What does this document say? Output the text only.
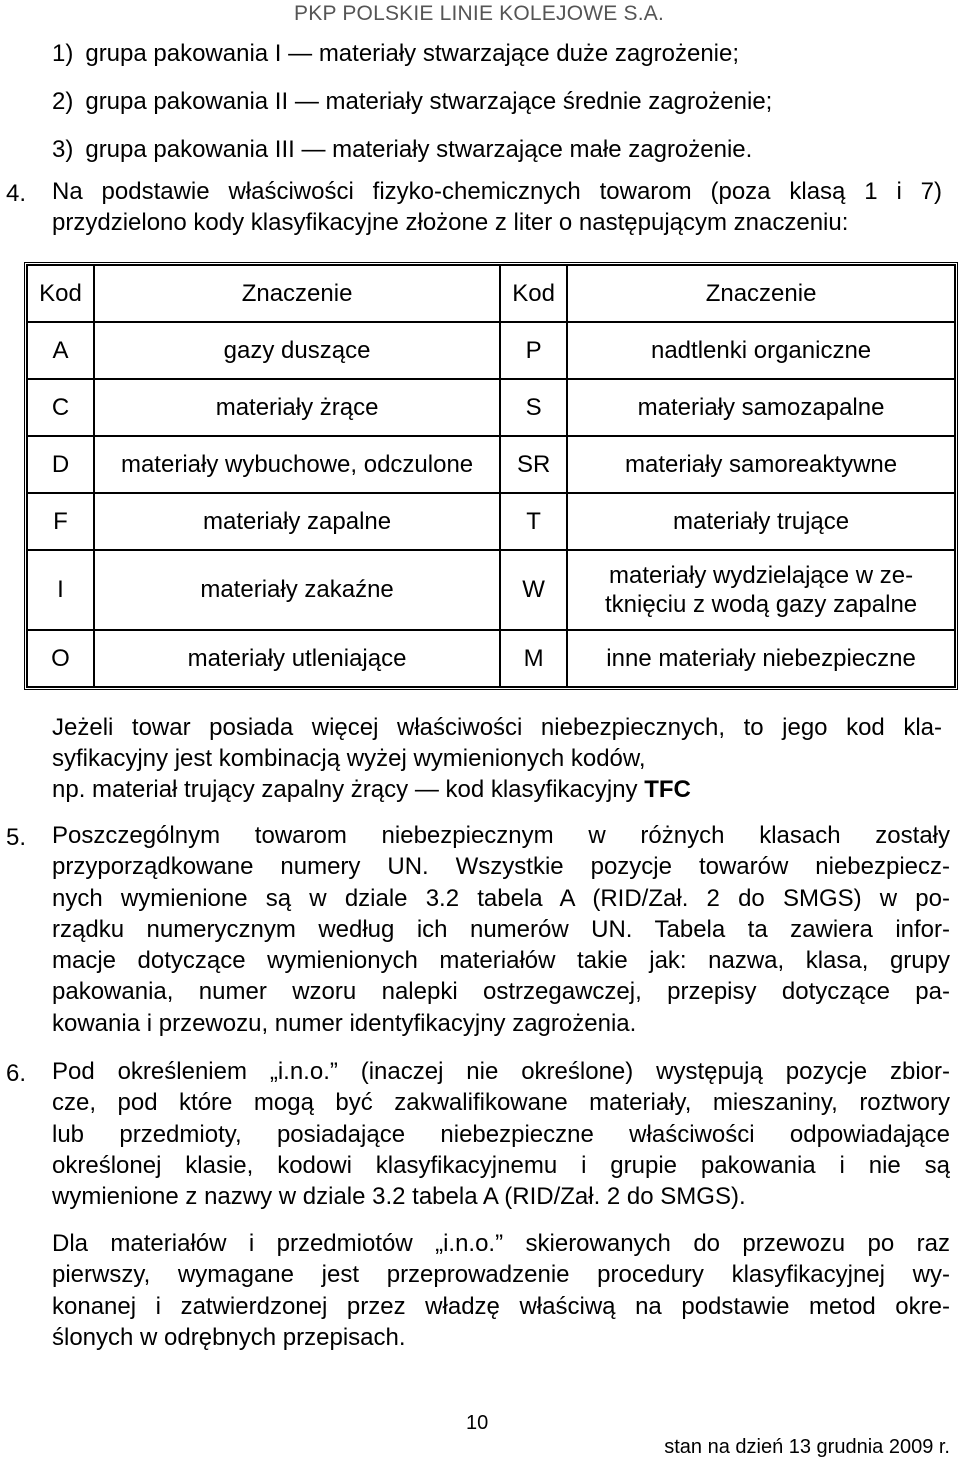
PKP POLSKIE LINIE KOLEJOWE S.A.
1) grupa pakowania I — materiały stwarzające duże zagrożenie;
2) grupa pakowania II — materiały stwarzające średnie zagrożenie;
3) grupa pakowania III — materiały stwarzające małe zagrożenie.
4. Na podstawie właściwości fizyko-chemicznych towarom (poza klasą 1 i 7)
przydzielono kody klasyfikacyjne złożone z liter o następującym znaczeniu:
Kod	Znaczenie	Kod	Znaczenie
A	gazy duszące	P	nadtlenki organiczne
C	materiały żrące	S	materiały samozapalne
D	materiały wybuchowe, odczulone	SR	materiały samoreaktywne
F	materiały zapalne	T	materiały trujące
I	materiały zakaźne	W	materiały wydzielające w ze-
tknięciu z wodą gazy zapalne
O	materiały utleniające	M	inne materiały niebezpieczne
Jeżeli towar posiada więcej właściwości niebezpiecznych, to jego kod kla-
syfikacyjny jest kombinacją wyżej wymienionych kodów,
np. materiał trujący zapalny żrący — kod klasyfikacyjny TFC
5. Poszczególnym towarom niebezpiecznym w różnych klasach zostały
przyporządkowane numery UN. Wszystkie pozycje towarów niebezpiecz-
nych wymienione są w dziale 3.2 tabela A (RID/Zał. 2 do SMGS) w po-
rządku numerycznym według ich numerów UN. Tabela ta zawiera infor-
macje dotyczące wymienionych materiałów takie jak: nazwa, klasa, grupy
pakowania, numer wzoru nalepki ostrzegawczej, przepisy dotyczące pa-
kowania i przewozu, numer identyfikacyjny zagrożenia.
6. Pod określeniem „i.n.o.” (inaczej nie określone) występują pozycje zbior-
cze, pod które mogą być zakwalifikowane materiały, mieszaniny, roztwory
lub przedmioty, posiadające niebezpieczne właściwości odpowiadające
określonej klasie, kodowi klasyfikacyjnemu i grupie pakowania i nie są
wymienione z nazwy w dziale 3.2 tabela A (RID/Zał. 2 do SMGS).
Dla materiałów i przedmiotów „i.n.o.” skierowanych do przewozu po raz
pierwszy, wymagane jest przeprowadzenie procedury klasyfikacyjnej wy-
konanej i zatwierdzonej przez władzę właściwą na podstawie metod okre-
ślonych w odrębnych przepisach.
10
stan na dzień 13 grudnia 2009 r.
